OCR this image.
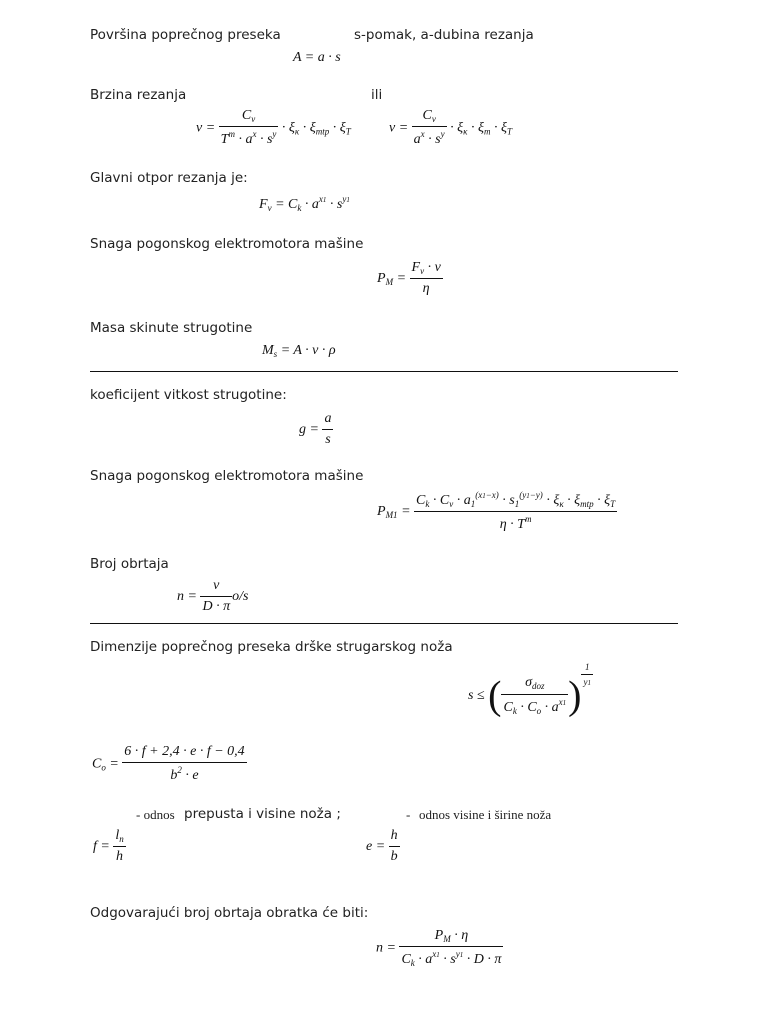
Površina poprečnog preseka	s-pomak, a-dubina rezanja
A = a · s
Brzina rezanja	ili
$v = \frac{C_v}{T^m \cdot a^x \cdot s^y} \cdot \xi_\kappa \cdot \xi_{mtp} \cdot \xi_T$	$v = \frac{C_v}{a^x \cdot s^y} \cdot \xi_\kappa \cdot \xi_m \cdot \xi_T$
Glavni otpor rezanja je:
$F_v = C_k \cdot a^{x1} \cdot s^{y1}$
Snaga pogonskog elektromotora mašine
$P_M = \frac{F_v \cdot v}{\eta}$
Masa skinute strugotine
$M_s = A \cdot v \cdot \rho$
koeficijent vitkost strugotine:
$g = \frac{a}{s}$
Snaga pogonskog elektromotora mašine
$P_{M1} = \frac{C_k \cdot C_v \cdot a_1^{(x1-x)} \cdot s_1^{(y1-y)} \cdot \xi_\kappa \cdot \xi_{mtp} \cdot \xi_T}{\eta \cdot T^m}$
Broj obrtaja
$n = \frac{v}{D \cdot \pi} o/s$
Dimenzije poprečnog preseka drške strugarskog noža
s ≤ ( $\frac{\sigma_{doz}}{C_k \cdot C_o \cdot a^{x1}}$ ) $^{\frac{1}{y1}}$
$C_o = \frac{6 \cdot f + 2,4 \cdot e \cdot f - 0,4}{b^2 \cdot e}$
- odnos prepusta i visine noža ;	- odnos visine i širine noža
$f = \frac{l_n}{h}$	$e = \frac{h}{b}$
Odgovarajući broj obrtaja obratka će biti:
$n = \frac{P_M \cdot \eta}{C_k \cdot a^{x1} \cdot s^{y1} \cdot D \cdot \pi}$
